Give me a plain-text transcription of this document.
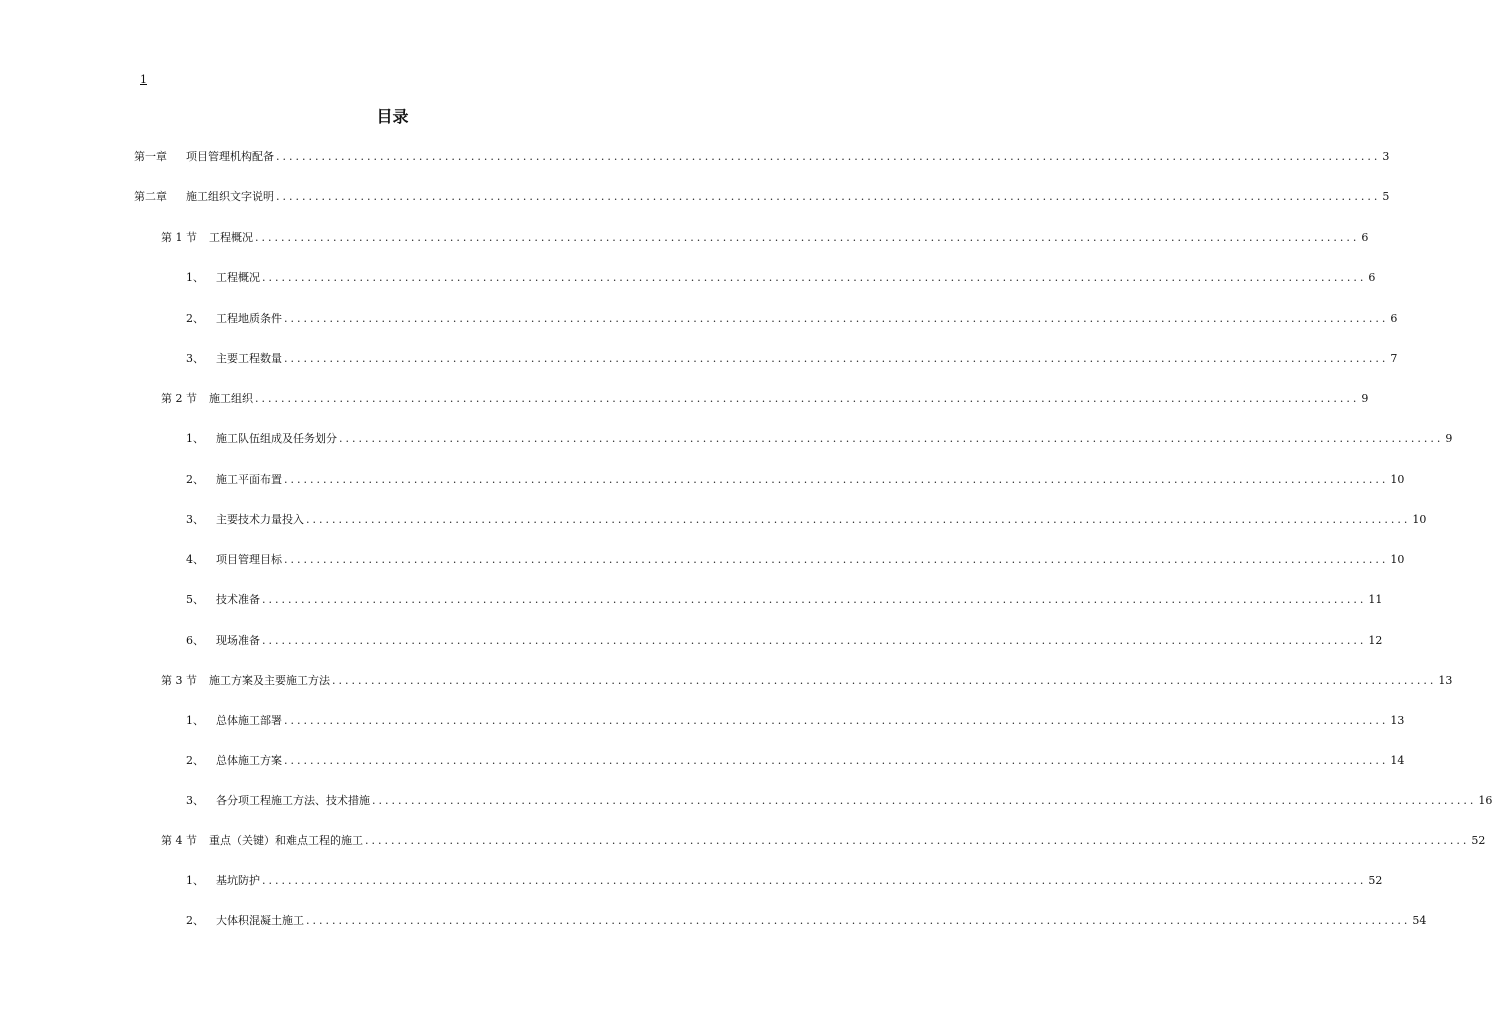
1
目录
第一章	项目管理机构配备 .......................................................................................................................................................................... 3
第二章	施工组织文字说明 .......................................................................................................................................................................... 5
第 1 节	工程概况 .......................................................................................................................................................................... 6
1、	工程概况 .......................................................................................................................................................................... 6
2、	工程地质条件 .......................................................................................................................................................................... 6
3、	主要工程数量 .......................................................................................................................................................................... 7
第 2 节	施工组织 .......................................................................................................................................................................... 9
1、	施工队伍组成及任务划分 .......................................................................................................................................................................... 9
2、	施工平面布置 .......................................................................................................................................................................... 10
3、	主要技术力量投入 .......................................................................................................................................................................... 10
4、	项目管理目标 .......................................................................................................................................................................... 10
5、	技术准备 .......................................................................................................................................................................... 11
6、	现场准备 .......................................................................................................................................................................... 12
第 3 节	施工方案及主要施工方法 .......................................................................................................................................................................... 13
1、	总体施工部署 .......................................................................................................................................................................... 13
2、	总体施工方案 .......................................................................................................................................................................... 14
3、	各分项工程施工方法、技术措施 .......................................................................................................................................................................... 16
第 4 节	重点（关键）和难点工程的施工 .......................................................................................................................................................................... 52
1、	基坑防护 .......................................................................................................................................................................... 52
2、	大体积混凝土施工 .......................................................................................................................................................................... 54
